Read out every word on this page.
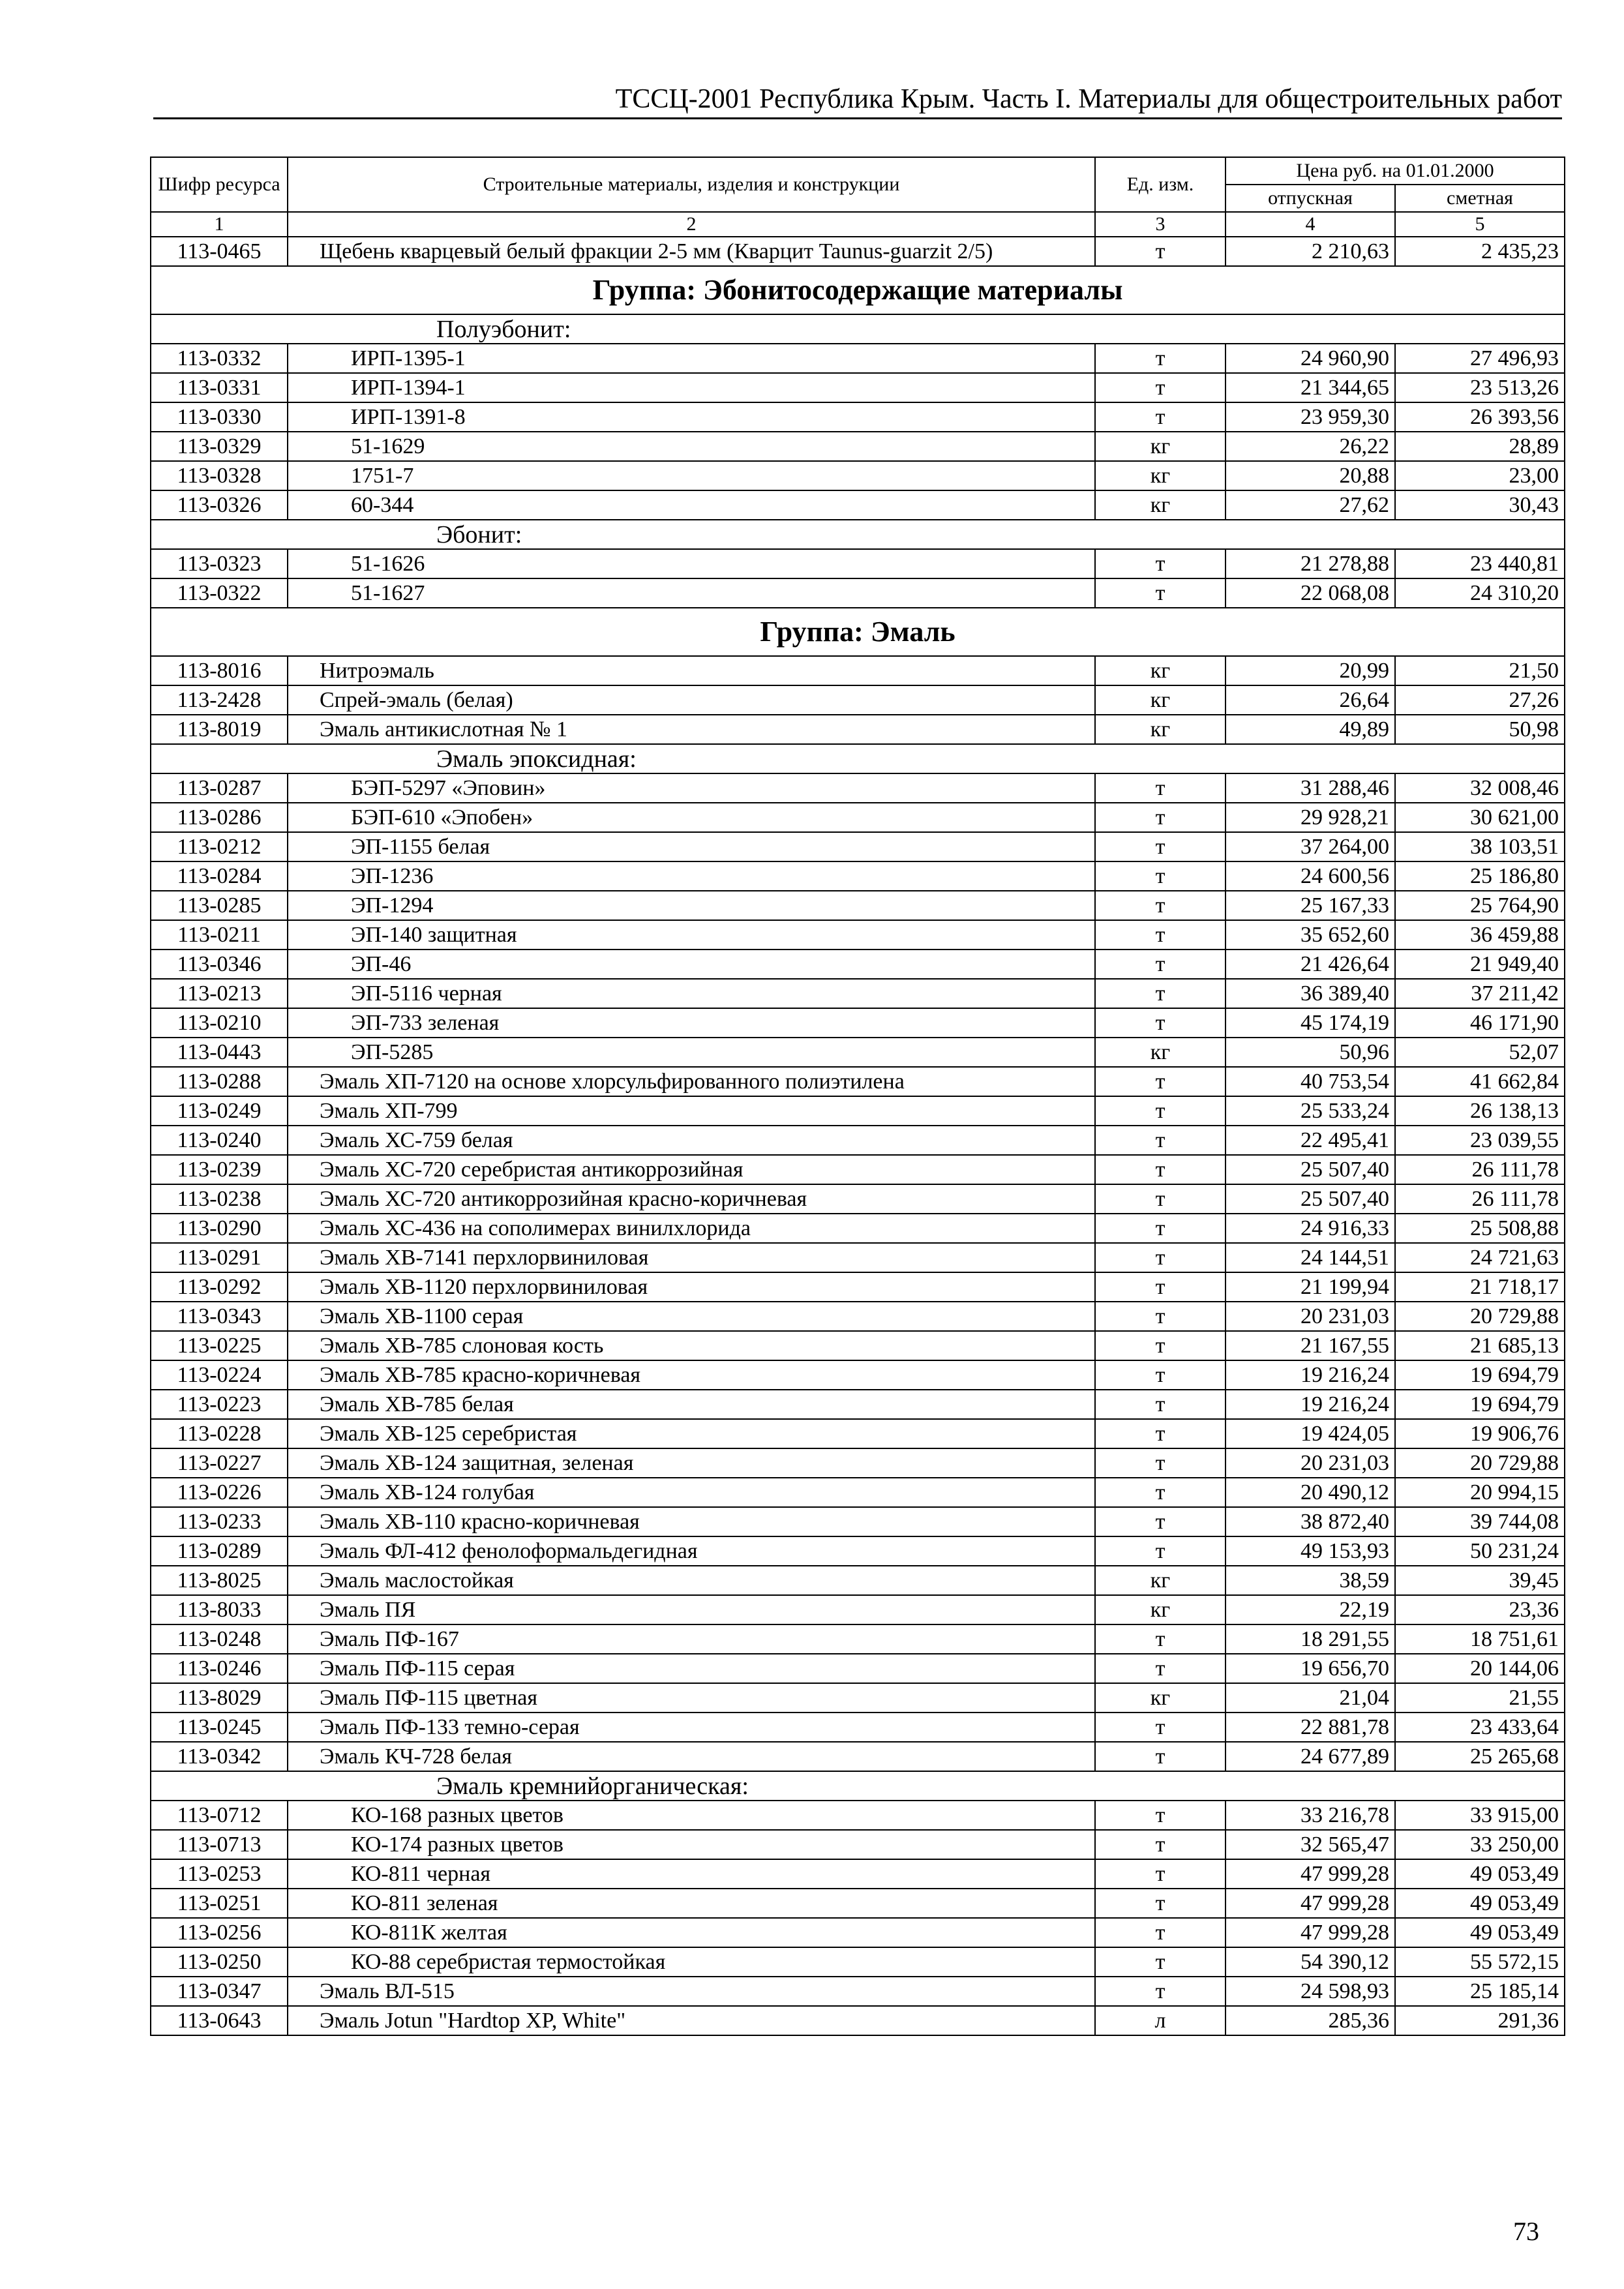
ТССЦ-2001 Республика Крым. Часть I. Материалы для общестроительных работ
Шифр ресурса	Строительные материалы, изделия и конструкции	Ед. изм.	Цена руб. на 01.01.2000	
			отпускная	сметная
1	2	3	4	5
113-0465	Щебень кварцевый белый фракции 2-5 мм (Кварцит Taunus-guarzit 2/5)	т	2 210,63	2 435,23
Группа: Эбонитосодержащие материалы				
	Полуэбонит:			
113-0332	ИРП-1395-1	т	24 960,90	27 496,93
113-0331	ИРП-1394-1	т	21 344,65	23 513,26
113-0330	ИРП-1391-8	т	23 959,30	26 393,56
113-0329	51-1629	кг	26,22	28,89
113-0328	1751-7	кг	20,88	23,00
113-0326	60-344	кг	27,62	30,43
	Эбонит:			
113-0323	51-1626	т	21 278,88	23 440,81
113-0322	51-1627	т	22 068,08	24 310,20
Группа: Эмаль				
113-8016	Нитроэмаль	кг	20,99	21,50
113-2428	Спрей-эмаль (белая)	кг	26,64	27,26
113-8019	Эмаль антикислотная № 1	кг	49,89	50,98
	Эмаль эпоксидная:			
113-0287	БЭП-5297 «Эповин»	т	31 288,46	32 008,46
113-0286	БЭП-610 «Эпобен»	т	29 928,21	30 621,00
113-0212	ЭП-1155 белая	т	37 264,00	38 103,51
113-0284	ЭП-1236	т	24 600,56	25 186,80
113-0285	ЭП-1294	т	25 167,33	25 764,90
113-0211	ЭП-140 защитная	т	35 652,60	36 459,88
113-0346	ЭП-46	т	21 426,64	21 949,40
113-0213	ЭП-5116 черная	т	36 389,40	37 211,42
113-0210	ЭП-733 зеленая	т	45 174,19	46 171,90
113-0443	ЭП-5285	кг	50,96	52,07
113-0288	Эмаль ХП-7120 на основе хлорсульфированного полиэтилена	т	40 753,54	41 662,84
113-0249	Эмаль ХП-799	т	25 533,24	26 138,13
113-0240	Эмаль ХС-759 белая	т	22 495,41	23 039,55
113-0239	Эмаль ХС-720 серебристая антикоррозийная	т	25 507,40	26 111,78
113-0238	Эмаль ХС-720 антикоррозийная красно-коричневая	т	25 507,40	26 111,78
113-0290	Эмаль ХС-436 на сополимерах винилхлорида	т	24 916,33	25 508,88
113-0291	Эмаль ХВ-7141 перхлорвиниловая	т	24 144,51	24 721,63
113-0292	Эмаль ХВ-1120 перхлорвиниловая	т	21 199,94	21 718,17
113-0343	Эмаль ХВ-1100 серая	т	20 231,03	20 729,88
113-0225	Эмаль ХВ-785 слоновая кость	т	21 167,55	21 685,13
113-0224	Эмаль ХВ-785 красно-коричневая	т	19 216,24	19 694,79
113-0223	Эмаль ХВ-785 белая	т	19 216,24	19 694,79
113-0228	Эмаль ХВ-125 серебристая	т	19 424,05	19 906,76
113-0227	Эмаль ХВ-124 защитная, зеленая	т	20 231,03	20 729,88
113-0226	Эмаль ХВ-124 голубая	т	20 490,12	20 994,15
113-0233	Эмаль ХВ-110 красно-коричневая	т	38 872,40	39 744,08
113-0289	Эмаль ФЛ-412 фенолоформальдегидная	т	49 153,93	50 231,24
113-8025	Эмаль маслостойкая	кг	38,59	39,45
113-8033	Эмаль ПЯ	кг	22,19	23,36
113-0248	Эмаль ПФ-167	т	18 291,55	18 751,61
113-0246	Эмаль ПФ-115 серая	т	19 656,70	20 144,06
113-8029	Эмаль ПФ-115 цветная	кг	21,04	21,55
113-0245	Эмаль ПФ-133 темно-серая	т	22 881,78	23 433,64
113-0342	Эмаль КЧ-728 белая	т	24 677,89	25 265,68
	Эмаль кремнийорганическая:			
113-0712	КО-168 разных цветов	т	33 216,78	33 915,00
113-0713	КО-174 разных цветов	т	32 565,47	33 250,00
113-0253	КО-811 черная	т	47 999,28	49 053,49
113-0251	КО-811 зеленая	т	47 999,28	49 053,49
113-0256	КО-811К желтая	т	47 999,28	49 053,49
113-0250	КО-88 серебристая термостойкая	т	54 390,12	55 572,15
113-0347	Эмаль ВЛ-515	т	24 598,93	25 185,14
113-0643	Эмаль Jotun "Hardtop XP, White"	л	285,36	291,36
73
